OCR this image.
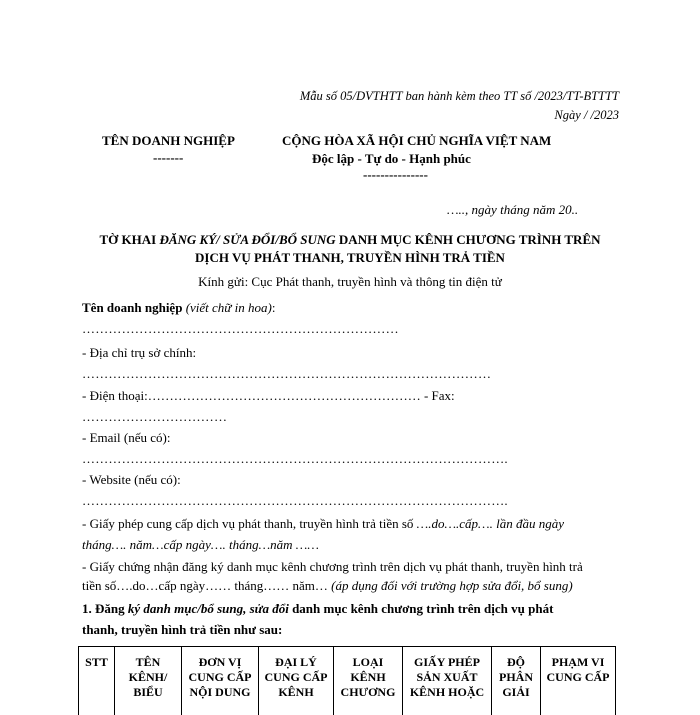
Mẫu số 05/DVTHTT ban hành kèm theo TT số /2023/TT-BTTTT
Ngày / /2023
TÊN DOANH NGHIỆP
-------
CỘNG HÒA XÃ HỘI CHỦ NGHĨA VIỆT NAM
Độc lập - Tự do - Hạnh phúc
---------------
….., ngày tháng năm 20..
TỜ KHAI ĐĂNG KÝ/ SỬA ĐỔI/BỔ SUNG DANH MỤC KÊNH CHƯƠNG TRÌNH TRÊN
DỊCH VỤ PHÁT THANH, TRUYỀN HÌNH TRẢ TIỀN
Kính gửi: Cục Phát thanh, truyền hình và thông tin điện tử
Tên doanh nghiệp (viết chữ in hoa):
………………………………………………………………
- Địa chỉ trụ sở chính:
…………………………………………………………………………………
- Điện thoại:……………………………………………………… - Fax:
……………………………
- Email (nếu có):
…………………………………………………………………………………….
- Website (nếu có):
…………………………………………………………………………………….
- Giấy phép cung cấp dịch vụ phát thanh, truyền hình trả tiền số ….do….cấp…. lần đầu ngày
tháng…. năm…cấp ngày…. tháng…năm ……
- Giấy chứng nhận đăng ký danh mục kênh chương trình trên dịch vụ phát thanh, truyền hình trả
tiền số….do…cấp ngày…… tháng…… năm… (áp dụng đối với trường hợp sửa đổi, bổ sung)
1. Đăng ký danh mục/bổ sung, sửa đổi danh mục kênh chương trình trên dịch vụ phát
thanh, truyền hình trả tiền như sau:
STT	TÊN KÊNH/ BIỂU	ĐƠN VỊ CUNG CẤP NỘI DUNG	ĐẠI LÝ CUNG CẤP KÊNH	LOẠI KÊNH CHƯƠNG	GIẤY PHÉP SẢN XUẤT KÊNH HOẶC	ĐỘ PHÂN GIẢI	PHẠM VI CUNG CẤP
